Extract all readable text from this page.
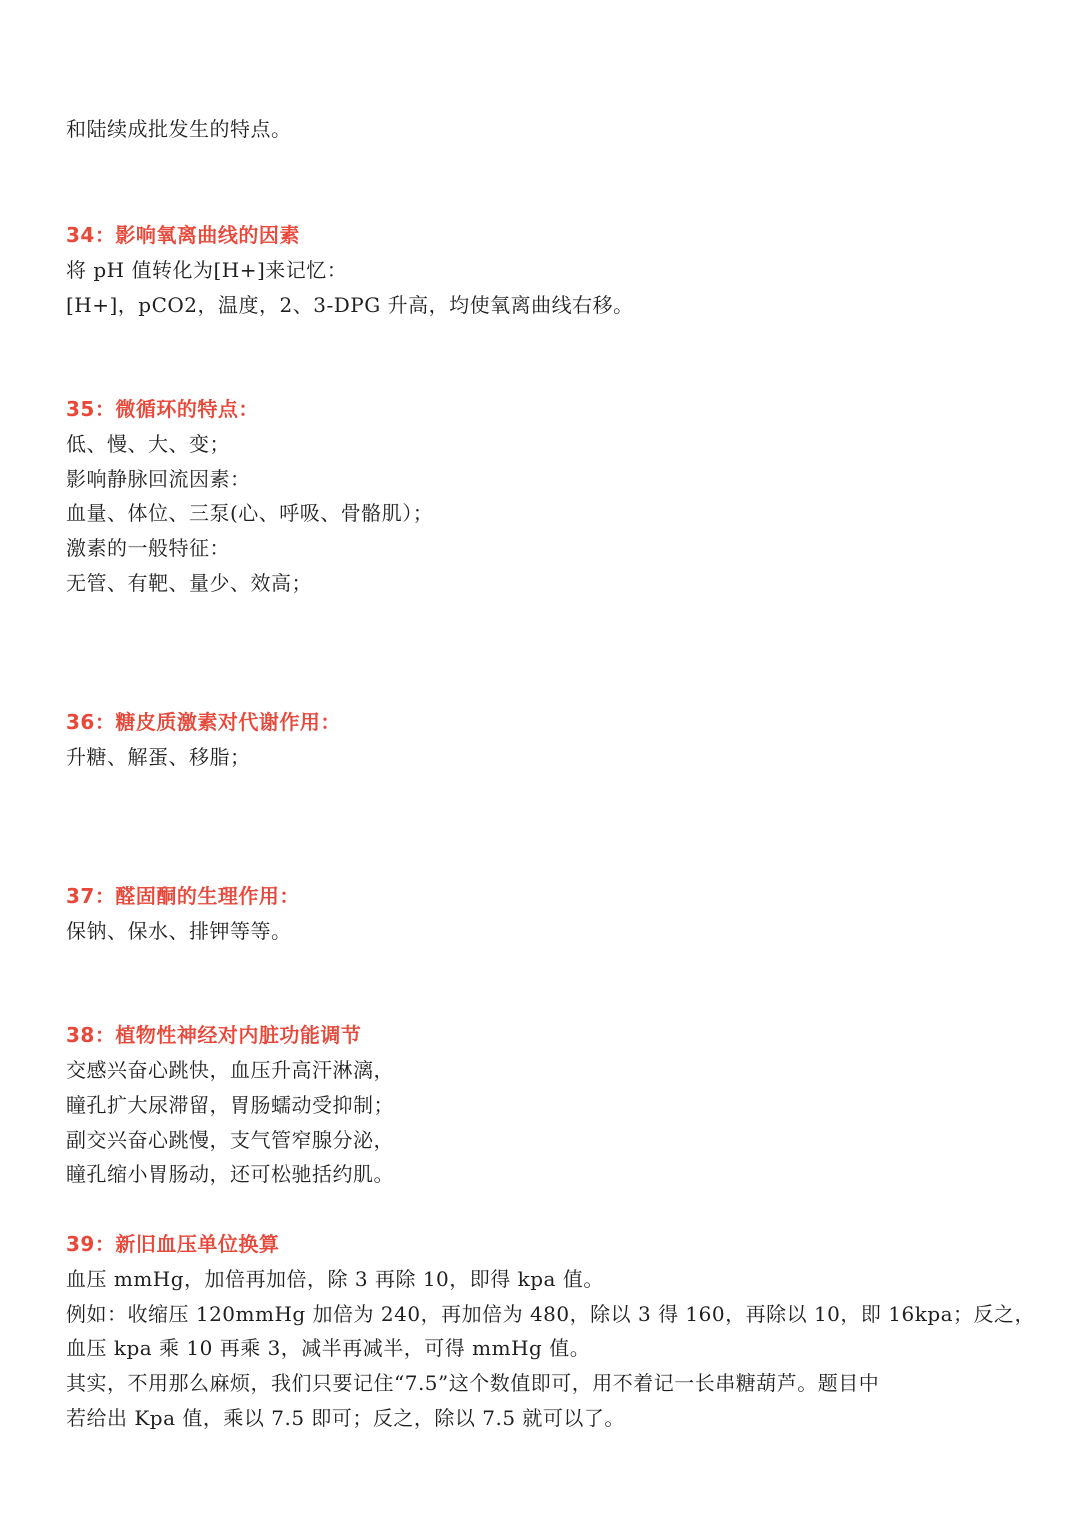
和陆续成批发生的特点。
34：影响氧离曲线的因素
将 pH 值转化为[H+]来记忆：
[H+]，pCO2，温度，2、3-DPG 升高，均使氧离曲线右移。
35：微循环的特点：
低、慢、大、变；
影响静脉回流因素：
血量、体位、三泵(心、呼吸、骨骼肌）；
激素的一般特征：
无管、有靶、量少、效高；
36：糖皮质激素对代谢作用：
升糖、解蛋、移脂；
37：醛固酮的生理作用：
保钠、保水、排钾等等。
38：植物性神经对内脏功能调节
交感兴奋心跳快，血压升高汗淋漓，
瞳孔扩大尿滞留，胃肠蠕动受抑制；
副交兴奋心跳慢，支气管窄腺分泌，
瞳孔缩小胃肠动，还可松驰括约肌。
39：新旧血压单位换算
血压 mmHg，加倍再加倍，除 3 再除 10，即得 kpa 值。
例如：收缩压 120mmHg 加倍为 240，再加倍为 480，除以 3 得 160，再除以 10，即 16kpa；反之，
血压 kpa 乘 10 再乘 3，减半再减半，可得 mmHg 值。
其实，不用那么麻烦，我们只要记住“7.5”这个数值即可，用不着记一长串糖葫芦。题目中
若给出 Kpa 值，乘以 7.5 即可；反之，除以 7.5 就可以了。
